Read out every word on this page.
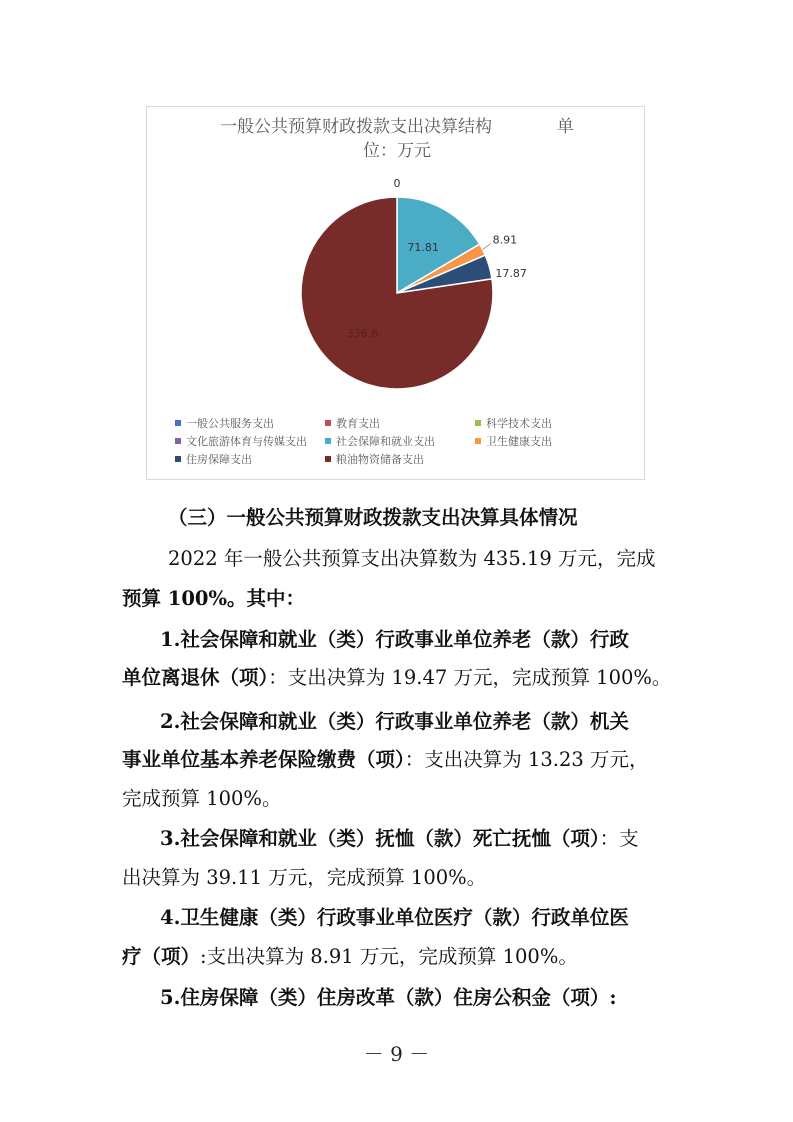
一般公共预算财政拨款支出决算结构            单
位：万元
0
71.81
8.91
17.87
336.6
一般公共服务支出	教育支出	科学技术支出
文化旅游体育与传媒支出	社会保障和就业支出	卫生健康支出
住房保障支出	粮油物资储备支出
（三）一般公共预算财政拨款支出决算具体情况
2022 年一般公共预算支出决算数为 435.19 万元，完成
预算 100%。其中：
1.社会保障和就业（类）行政事业单位养老（款）行政
单位离退休（项）：支出决算为 19.47 万元，完成预算 100%。
2.社会保障和就业（类）行政事业单位养老（款）机关
事业单位基本养老保险缴费（项）：支出决算为 13.23 万元，
完成预算 100%。
3.社会保障和就业（类）抚恤（款）死亡抚恤（项）：支
出决算为 39.11 万元，完成预算 100%。
4.卫生健康（类）行政事业单位医疗（款）行政单位医
疗（项）:支出决算为 8.91 万元，完成预算 100%。
5.住房保障（类）住房改革（款）住房公积金（项）:
－ 9 －
